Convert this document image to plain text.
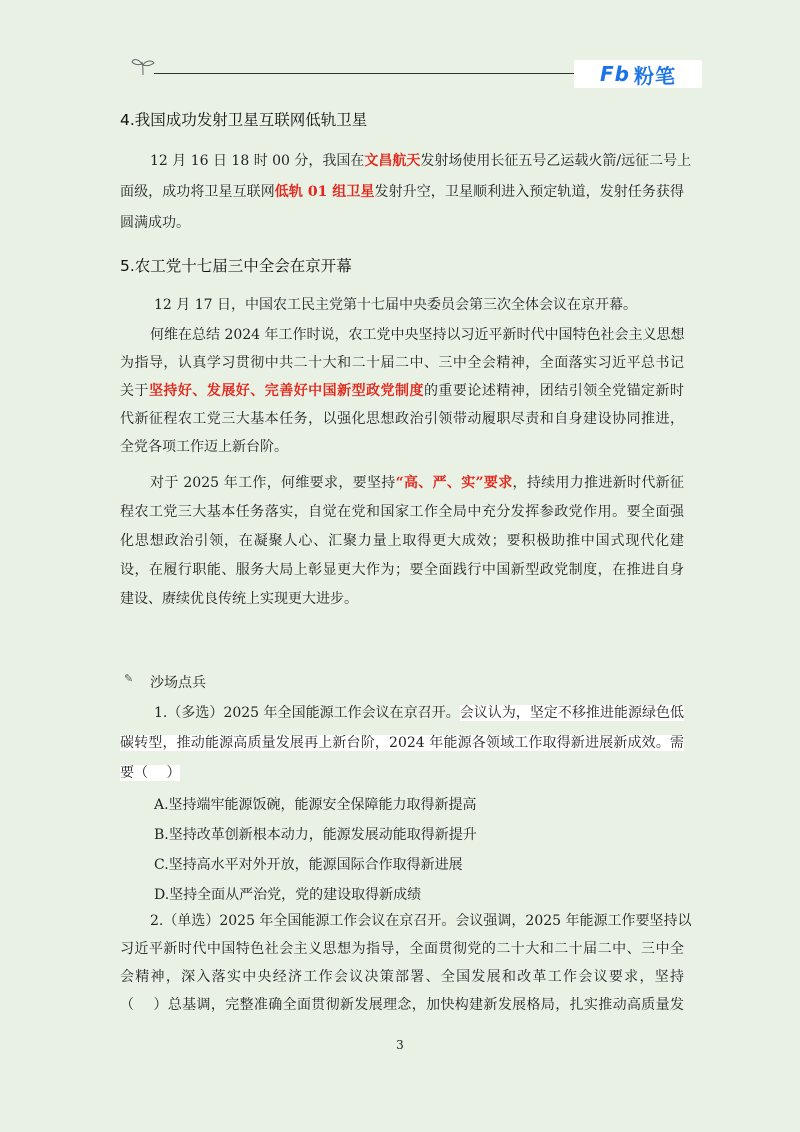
Fb 粉笔
4.我国成功发射卫星互联网低轨卫星
12 月 16 日 18 时 00 分，我国在文昌航天发射场使用长征五号乙运载火箭/远征二号上
面级，成功将卫星互联网低轨 01 组卫星发射升空，卫星顺利进入预定轨道，发射任务获得
圆满成功。
5.农工党十七届三中全会在京开幕
12 月 17 日，中国农工民主党第十七届中央委员会第三次全体会议在京开幕。
何维在总结 2024 年工作时说，农工党中央坚持以习近平新时代中国特色社会主义思想
为指导，认真学习贯彻中共二十大和二十届二中、三中全会精神，全面落实习近平总书记
关于坚持好、发展好、完善好中国新型政党制度的重要论述精神，团结引领全党锚定新时
代新征程农工党三大基本任务，以强化思想政治引领带动履职尽责和自身建设协同推进，
全党各项工作迈上新台阶。
对于 2025 年工作，何维要求，要坚持“高、严、实”要求，持续用力推进新时代新征
程农工党三大基本任务落实，自觉在党和国家工作全局中充分发挥参政党作用。要全面强
化思想政治引领，在凝聚人心、汇聚力量上取得更大成效；要积极助推中国式现代化建
设，在履行职能、服务大局上彰显更大作为；要全面践行中国新型政党制度，在推进自身
建设、赓续优良传统上实现更大进步。
✎ 沙场点兵
1.（多选）2025 年全国能源工作会议在京召开。会议认为，坚定不移推进能源绿色低
碳转型，推动能源高质量发展再上新台阶，2024 年能源各领域工作取得新进展新成效。需
要（　 ）
A.坚持端牢能源饭碗，能源安全保障能力取得新提高
B.坚持改革创新根本动力，能源发展动能取得新提升
C.坚持高水平对外开放，能源国际合作取得新进展
D.坚持全面从严治党，党的建设取得新成绩
2.（单选）2025 年全国能源工作会议在京召开。会议强调，2025 年能源工作要坚持以
习近平新时代中国特色社会主义思想为指导，全面贯彻党的二十大和二十届二中、三中全
会精神，深入落实中央经济工作会议决策部署、全国发展和改革工作会议要求，坚持
（　 ）总基调，完整准确全面贯彻新发展理念，加快构建新发展格局，扎实推动高质量发
3
